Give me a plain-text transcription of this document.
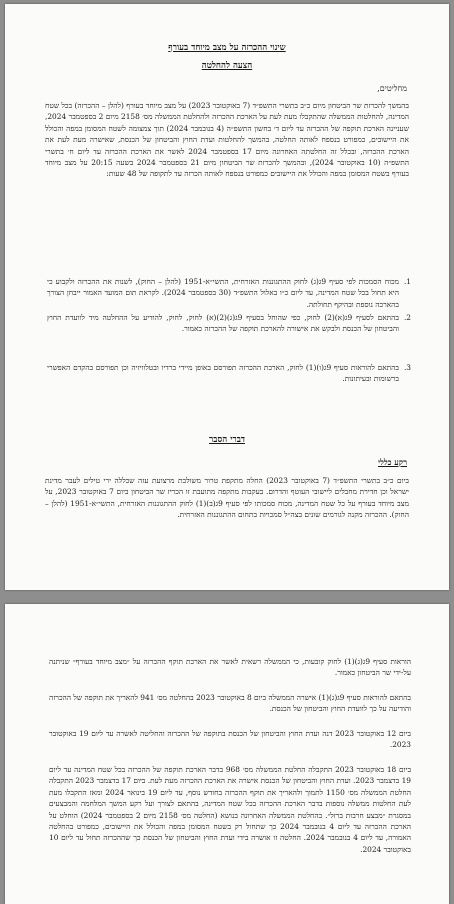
שינוי ההכרזה על מצב מיוחד בעורף
הצעה להחלטה
מחליטים,

בהמשך להכרזת שר הביטחון מיום כ״ב בתשרי התשפ״ד (7 באוקטובר 2023) על מצב מיוחד בעורף (להלן – ההכרזה) בכל שטח המדינה, להחלטות הממשלה שהתקבלו מעת לעת על הארכת ההכרזה ולהחלטת הממשלה מס׳ 2158 מיום 2 בספטמבר 2024, שעניינה הארכת תוקפה של ההכרזה עד ליום ד׳ בחשון התשפ״ה (4 בנובמבר 2024) תוך צמצומה לשטח המסומן במפה והכולל את היישובים, כמפורט בנספח לאותה החלטה, בהמשך להחלטות ועדת החוץ והביטחון של הכנסת, שאישרה מעת לעת את הארכת ההכרזה, ובכלל זה החלטתה האחרונה מיום 17 בספטמבר 2024 לאשר את הארכת ההכרזה עד ליום ח׳ בתשרי התשפ״ה (10 באוקטובר 2024), ובהמשך להכרזת שר הביטחון מיום 21 בספטמבר 2024 בשעה 20:15 על מצב מיוחד בעורף בשטח המסומן במפה והכולל את היישובים כמפורט בנספח לאותה הכרזה עד לתקופה של 48 שעות:

1.
מכוח הסמכות לפי סעיף 9ג(ג) לחוק ההתגוננות האזרחית, התשי״א-1951 (להלן – החוק), לשנות את ההכרזה ולקבוע כי היא תחול בכל שטח המדינה, עד ליום כ״ו באלול התשפ״ד (30 בספטמבר 2024). לקראת תום המועד האמור ייבחן הצורך בהארכה נוספת ובהיקף תחולתה.
2.
בהתאם לסעיף 9ג(א)(2) לחוק, כפי שהוחל בסעיף 9ג(ג)(2)(א) לחוק, לחוק, להודיע על ההחלטה מיד לוועדת החוץ והביטחון של הכנסת ולבקש את אישורה להארכת תוקפה של ההכרזה כאמור.
3.
בהתאם להוראות סעיף 9ג(ו)(1) לחוק, הארכת ההכרזה תפורסם באופן מיידי ברדיו ובטלוויזיה וכן תפורסם בהקדם האפשרי ברשומות ובעיתונות.
דברי הסבר
רקע כללי

ביום כ״ב בתשרי התשפ״ד (7 באוקטובר 2023) החלה מתקפת טרור משולבת מרצועת עזה שכללה ירי טילים לעבר מדינת ישראל וכן חדירת מחבלים ליישובי העוטף והדרום. בעקבות מתקפה מתועבת זו הכריז שר הביטחון ביום 7 באוקטובר 2023, על מצב מיוחד בעורף על כל שטח המדינה, מכוח סמכותו לפי סעיף 9ג(ב)(1) לחוק ההתגוננות האזרחית, התשי״א-1951 (להלן – החוק). ההכרזה מקנה לגורמים שונים בצה״ל סמכויות בתחום ההתגוננות האזרחית.

הוראות סעיף 9ג(ג)(1) לחוק קובעות, כי הממשלה רשאית לאשר את הארכת תוקף ההכרזה על ״מצב מיוחד בעורף״ שניתנה על-ידי שר הביטחון כאמור.

בהתאם להוראות סעיף 9ג(ג)(1) אישרה הממשלה ביום 8 באוקטובר 2023 בהחלטה מס׳ 941 להאריך את תוקפה של ההכרזה והודיעה על כך לוועדת החוץ והביטחון של הכנסת.

ביום 12 באוקטובר 2023 דנה ועדת החוץ והביטחון של הכנסת בתוקפה של ההכרזה והחליטה לאשרה עד ליום 19 באוקטובר 2023.

ביום 18 באוקטובר 2023 התקבלה החלטת הממשלה מס׳ 968 בדבר הארכת תוקפה של ההכרזה בכל שטח המדינה עד ליום 19 בדצמבר 2023. ועדת החוץ והביטחון של הכנסת אישרה את הארכת ההכרזה מעת לעת. ביום 17 בדצמבר 2023 התקבלה החלטת הממשלה מס׳ 1150 לתמוך ולהאריך את תוקף ההכרזה בחודש נוסף, עד ליום 19 בינואר 2024 ומאז התקבלו מעת לעת החלטות ממשלה נוספות בדבר הארכת ההכרזה בכל שטח המדינה, בהתאם לצורך ועל רקע המשך המלחמה והמבצעים במסגרת ״מבצע חרבות ברזל״. בהחלטת הממשלה האחרונה בנושא (החלטה מס׳ 2158 מיום 2 בספטמבר 2024) הוחלט על הארכת ההכרזה עד ליום 4 בנובמבר 2024 כך שתחול רק בשטח המסומן במפה והכולל את היישובים, כמפורט בהחלטה האמורה, עד ליום 4 בנובמבר 2024. החלטה זו אושרה בידי ועדת החוץ והביטחון של הכנסת כך שההכרזה תחול עד ליום 10 באוקטובר 2024.
